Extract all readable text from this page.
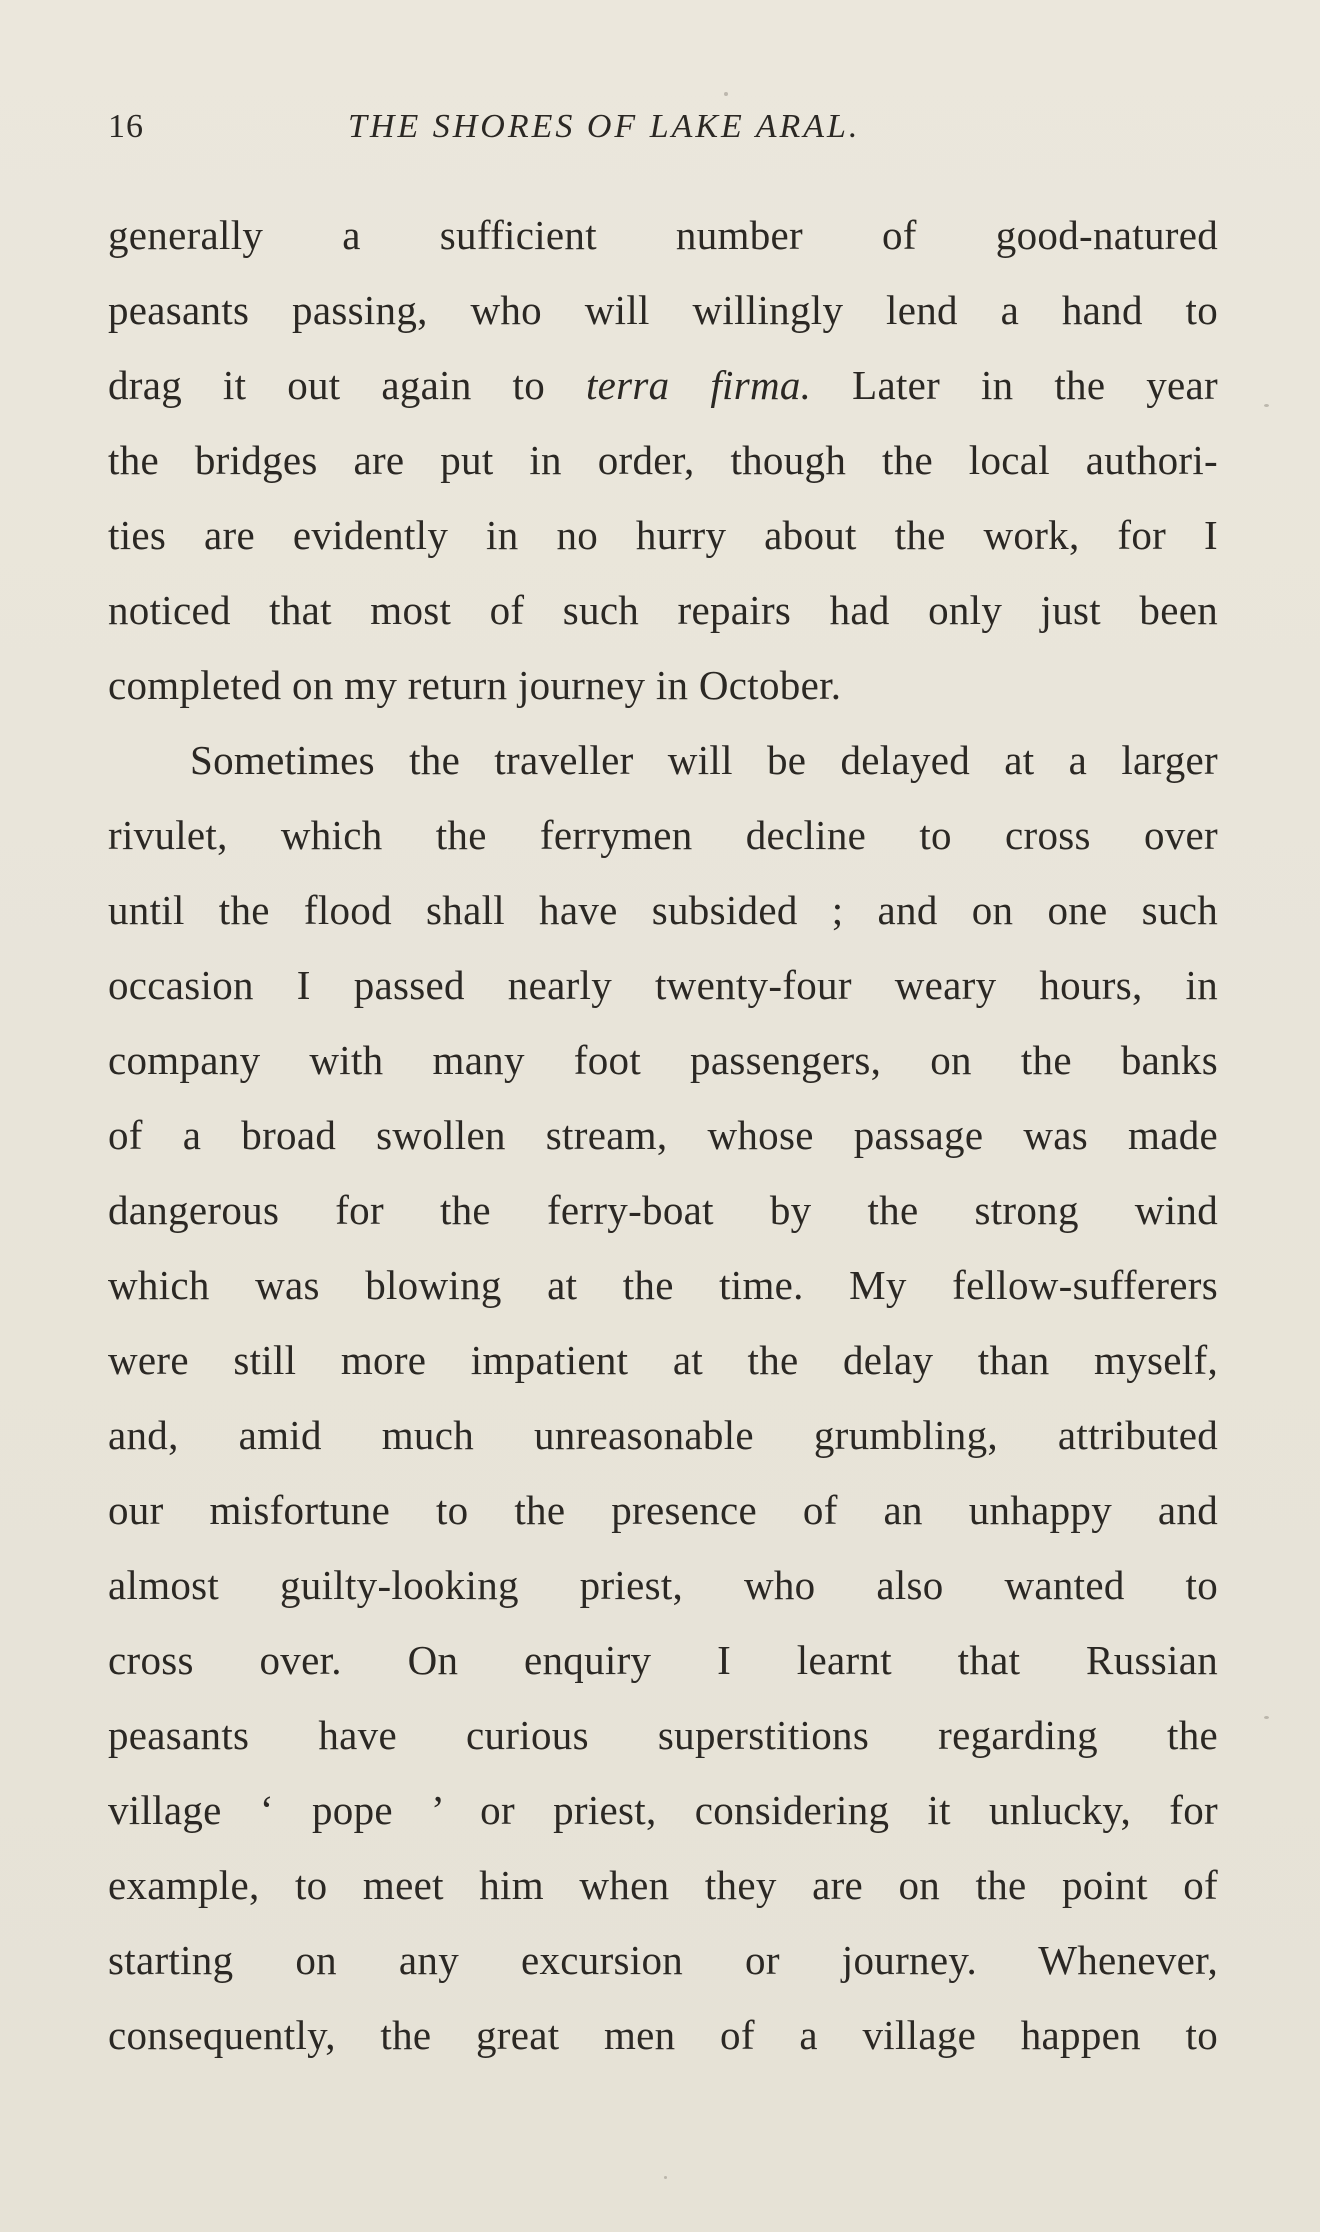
16	THE SHORES OF LAKE ARAL.
generally a sufficient number of good-natured
peasants passing, who will willingly lend a hand to
drag it out again to terra firma. Later in the year
the bridges are put in order, though the local authori-
ties are evidently in no hurry about the work, for I
noticed that most of such repairs had only just been
completed on my return journey in October.
Sometimes the traveller will be delayed at a larger
rivulet, which the ferrymen decline to cross over
until the flood shall have subsided ; and on one such
occasion I passed nearly twenty-four weary hours, in
company with many foot passengers, on the banks
of a broad swollen stream, whose passage was made
dangerous for the ferry-boat by the strong wind
which was blowing at the time. My fellow-sufferers
were still more impatient at the delay than myself,
and, amid much unreasonable grumbling, attributed
our misfortune to the presence of an unhappy and
almost guilty-looking priest, who also wanted to
cross over. On enquiry I learnt that Russian
peasants have curious superstitions regarding the
village ‘ pope ’ or priest, considering it unlucky, for
example, to meet him when they are on the point of
starting on any excursion or journey. Whenever,
consequently, the great men of a village happen to
